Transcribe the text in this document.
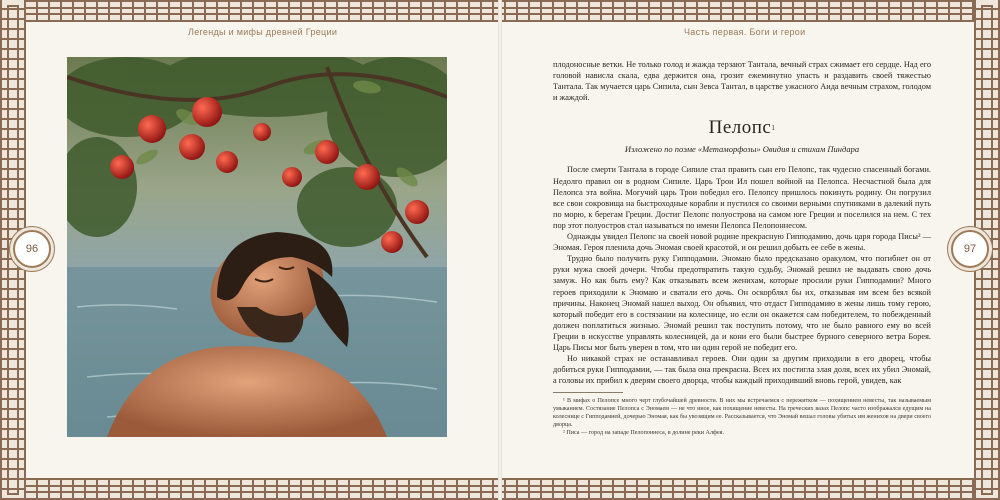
Легенды и мифы древней Греции
96
Часть первая. Боги и герои
97

плодоносные ветки. Не только голод и жажда терзают Тантала, вечный страх сжимает его сердце. Над его головой нависла скала, едва держится она, грозит ежеминутно упасть и раздавить своей тяжестью Тантала. Так мучается царь Сипила, сын Зевса Тантал, в царстве ужасного Аида вечным страхом, голодом и жаждой.

Пелопс$^1$
Изложено по поэме «Метаморфозы» Овидия и стихам Пиндара

После смерти Тантала в городе Сипиле стал править сын его Пелопс, так чудесно спасенный богами. Недолго правил он в родном Сипиле. Царь Трои Ил пошел войной на Пелопса. Несчастной была для Пелопса эта война. Могучий царь Трои победил его. Пелопсу пришлось покинуть родину. Он погрузил все свои сокровища на быстроходные корабли и пустился со своими верными спутниками в далекий путь по морю, к берегам Греции. Достиг Пелопс полуострова на самом юге Греции и поселился на нем. С тех пор этот полуостров стал называться по имени Пелопса Пелопоннесом.

Однажды увидел Пелопс на своей новой родине прекрасную Гипподамию, дочь царя города Писы² — Эномая. Героя пленила дочь Эномая своей красотой, и он решил добыть ее себе в жены.

Трудно было получить руку Гипподамии. Эномаю было предсказано оракулом, что погибнет он от руки мужа своей дочери. Чтобы предотвратить такую судьбу, Эномай решил не выдавать свою дочь замуж. Но как быть ему? Как отказывать всем женихам, которые просили руки Гипподамии? Много героев приходили к Эномаю и сватали его дочь. Он оскорблял бы их, отказывая им всем без всякой причины. Наконец Эномай нашел выход. Он объявил, что отдаст Гипподамию в жены лишь тому герою, который победит его в состязании на колеснице, но если он окажется сам победителем, то побежденный должен поплатиться жизнью. Эномай решил так поступить потому, что не было равного ему во всей Греции в искусстве управлять колесницей, да и кони его были быстрее бурного северного ветра Борея. Царь Писы мог быть уверен в том, что ни один герой не победит его.

Но никакой страх не останавливал героев. Они один за другим приходили в его дворец, чтобы добиться руки Гипподамии, — так была она прекрасна. Всех их постигла злая доля, всех их убил Эномай, а головы их прибил к дверям своего дворца, чтобы каждый приходивший вновь герой, увидев, как

¹ В мифах о Пелопсе много черт глубочайшей древности. В них мы встречаемся с пережитком — похищением невесты, так называемым умыканием. Состязание Пелопса с Эномаем — не что иное, как похищение невесты. На греческих вазах Пелопс часто изображался едущим на колеснице с Гипподамией, дочерью Эномая, как бы увозящим ее. Рассказывается, что Эномай вешал головы убитых им женихов на двери своего дворца.

² Писа — город на западе Пелопоннеса, в долине реки Алфея.
